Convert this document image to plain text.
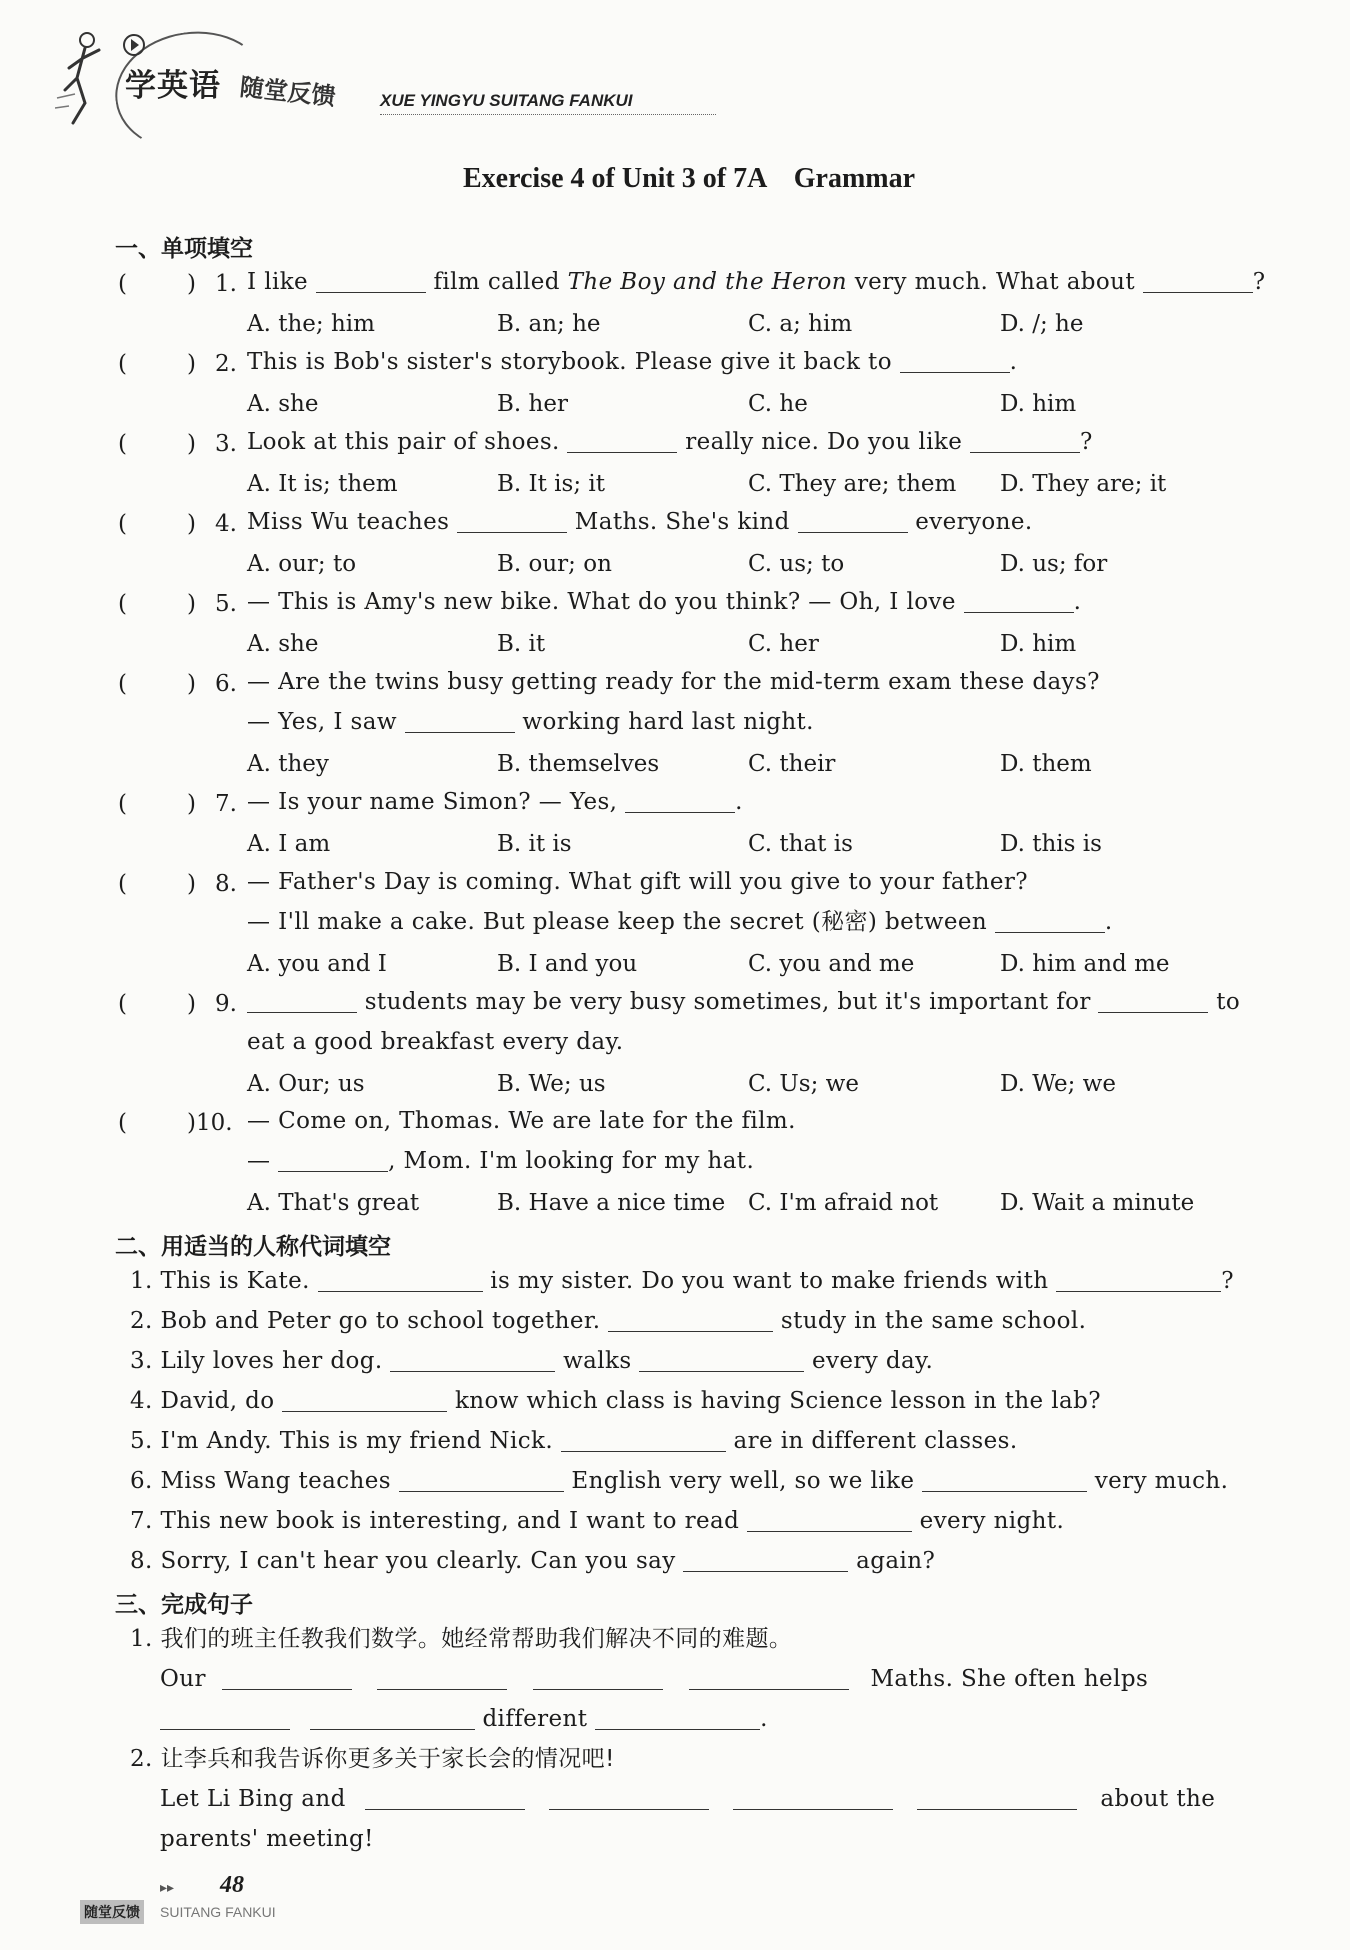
学英语 随堂反馈	XUE YINGYU SUITANG FANKUI
Exercise 4 of Unit 3 of 7A    Grammar
一、单项填空
(	) 1. I like	film called The Boy and the Heron very much. What about	?
A. the; him	B. an; he	C. a; him	D. /; he
(	) 2. This is Bob's sister's storybook. Please give it back to	.
A. she	B. her	C. he	D. him
(	) 3. Look at this pair of shoes.	really nice. Do you like	?
A. It is; them	B. It is; it	C. They are; them D. They are; it
(	) 4. Miss Wu teaches	Maths. She's kind	everyone.
A. our; to	B. our; on	C. us; to	D. us; for
(	) 5. — This is Amy's new bike. What do you think? — Oh, I love	.
A. she	B. it	C. her	D. him
(	) 6. — Are the twins busy getting ready for the mid-term exam these days?
— Yes, I saw	working hard last night.
A. they	B. themselves	C. their	D. them
(	) 7. — Is your name Simon? — Yes,	.
A. I am	B. it is	C. that is	D. this is
(	) 8. — Father's Day is coming. What gift will you give to your father?
— I'll make a cake. But please keep the secret (秘密) between	.
A. you and I	B. I and you	C. you and me	D. him and me
(	) 9.	students may be very busy sometimes, but it's important for	to
eat a good breakfast every day.
A. Our; us	B. We; us	C. Us; we	D. We; we
(	)10. — Come on, Thomas. We are late for the film.
—	, Mom. I'm looking for my hat.
A. That's great	B. Have a nice time C. I'm afraid not	D. Wait a minute
二、用适当的人称代词填空
1. This is Kate.	is my sister. Do you want to make friends with	?
2. Bob and Peter go to school together.	study in the same school.
3. Lily loves her dog.	walks	every day.
4. David, do	know which class is having Science lesson in the lab?
5. I'm Andy. This is my friend Nick.	are in different classes.
6. Miss Wang teaches	English very well, so we like	very much.
7. This new book is interesting, and I want to read	every night.
8. Sorry, I can't hear you clearly. Can you say	again?
三、完成句子
1. 我们的班主任教我们数学。她经常帮助我们解决不同的难题。
Our	Maths. She often helps
different	.
2. 让李兵和我告诉你更多关于家长会的情况吧!
Let Li Bing and	about the
parents' meeting!
▸▸ 48
随堂反馈 SUITANG FANKUI
